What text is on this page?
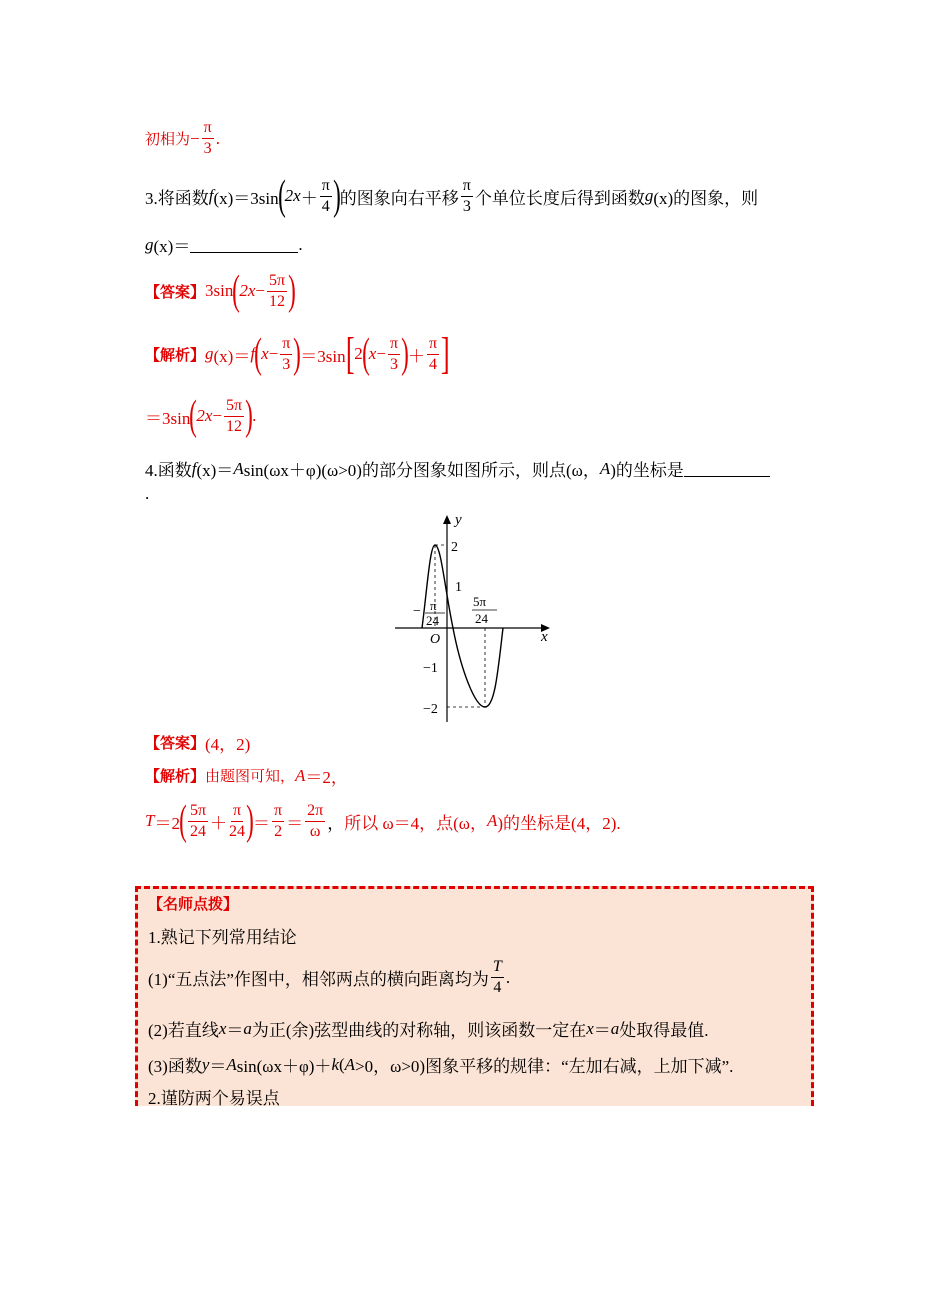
初相为 − $\frac{\pi}{3}$ .
3.将函数 f (x)＝3sin ( $2x + \frac{\pi}{4}$ ) 的图象向右平移 $\frac{\pi}{3}$ 个单位长度后得到函数 g (x)的图象，则
g (x)＝	.
【答案】 3sin ( $2x - \frac{5\pi}{12}$ )
【解析】 g (x)＝ f ( $x - \frac{\pi}{3}$ ) ＝3sin [ 2 ( $x - \frac{\pi}{3}$ ) ＋ $\frac{\pi}{4}$ ]
＝3sin ( $2x - \frac{5\pi}{12}$ ) .
4.函数 f (x)＝ A sin(ωx＋φ)(ω>0)的部分图象如图所示，则点(ω， A )的坐标是
.
y
x
O
2
1
−1
−2
− π
24
5π
24
【答案】 (4，2)
【解析】 由题图可知， A ＝2，
T ＝2 ( $\frac{5\pi}{24} + \frac{\pi}{24}$ ) ＝ $\frac{\pi}{2} = \frac{2\pi}{\omega}$ ， 所以 ω＝4，点(ω， A )的坐标是(4，2).
【名师点拨】
1.熟记下列常用结论
(1)“五点法”作图中，相邻两点的横向距离均为 $\frac{T}{4}$ .
(2)若直线 x ＝ a 为正(余)弦型曲线的对称轴，则该函数一定在 x ＝ a 处取得最值.
(3)函数 y ＝ A sin(ωx＋φ)＋ k ( A >0，ω>0)图象平移的规律：“左加右减，上加下减”.
2.谨防两个易误点
